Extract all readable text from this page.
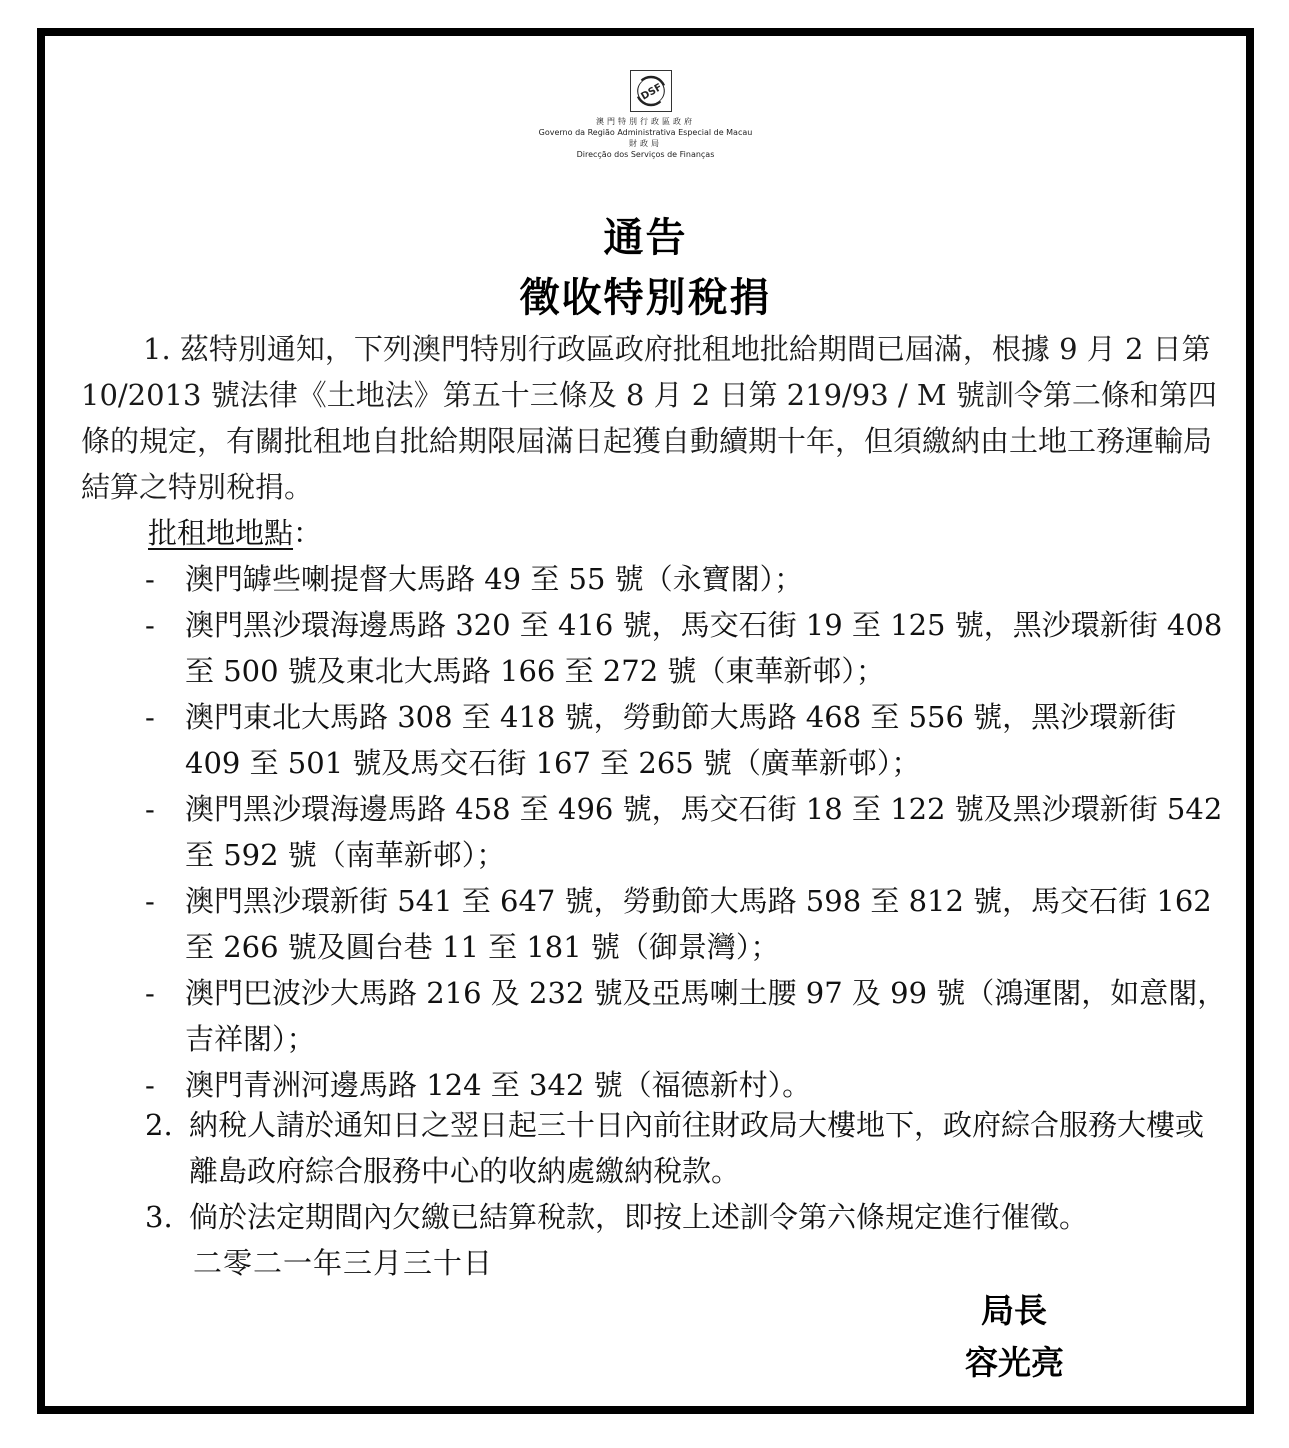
DSF
澳門特別行政區政府
Governo da Região Administrativa Especial de Macau
財政局
Direcção dos Serviços de Finanças
通告
徵收特別稅捐
1. 茲特別通知，下列澳門特別行政區政府批租地批給期間已屆滿，根據 9 月 2 日第 10/2013 號法律《土地法》第五十三條及 8 月 2 日第 219/93 / M 號訓令第二條和第四條的規定，有關批租地自批給期限屆滿日起獲自動續期十年，但須繳納由土地工務運輸局結算之特別稅捐。
批租地地點：
- 澳門罅些喇提督大馬路 49 至 55 號（永寶閣）；
- 澳門黑沙環海邊馬路 320 至 416 號，馬交石街 19 至 125 號，黑沙環新街 408 至 500 號及東北大馬路 166 至 272 號（東華新邨）；
- 澳門東北大馬路 308 至 418 號，勞動節大馬路 468 至 556 號，黑沙環新街 409 至 501 號及馬交石街 167 至 265 號（廣華新邨）；
- 澳門黑沙環海邊馬路 458 至 496 號，馬交石街 18 至 122 號及黑沙環新街 542 至 592 號（南華新邨）；
- 澳門黑沙環新街 541 至 647 號，勞動節大馬路 598 至 812 號，馬交石街 162 至 266 號及圓台巷 11 至 181 號（御景灣）；
- 澳門巴波沙大馬路 216 及 232 號及亞馬喇土腰 97 及 99 號（鴻運閣，如意閣，吉祥閣）；
- 澳門青洲河邊馬路 124 至 342 號（福德新村）。
2. 納稅人請於通知日之翌日起三十日內前往財政局大樓地下，政府綜合服務大樓或離島政府綜合服務中心的收納處繳納稅款。
3. 倘於法定期間內欠繳已結算稅款，即按上述訓令第六條規定進行催徵。
二零二一年三月三十日
局長
容光亮
